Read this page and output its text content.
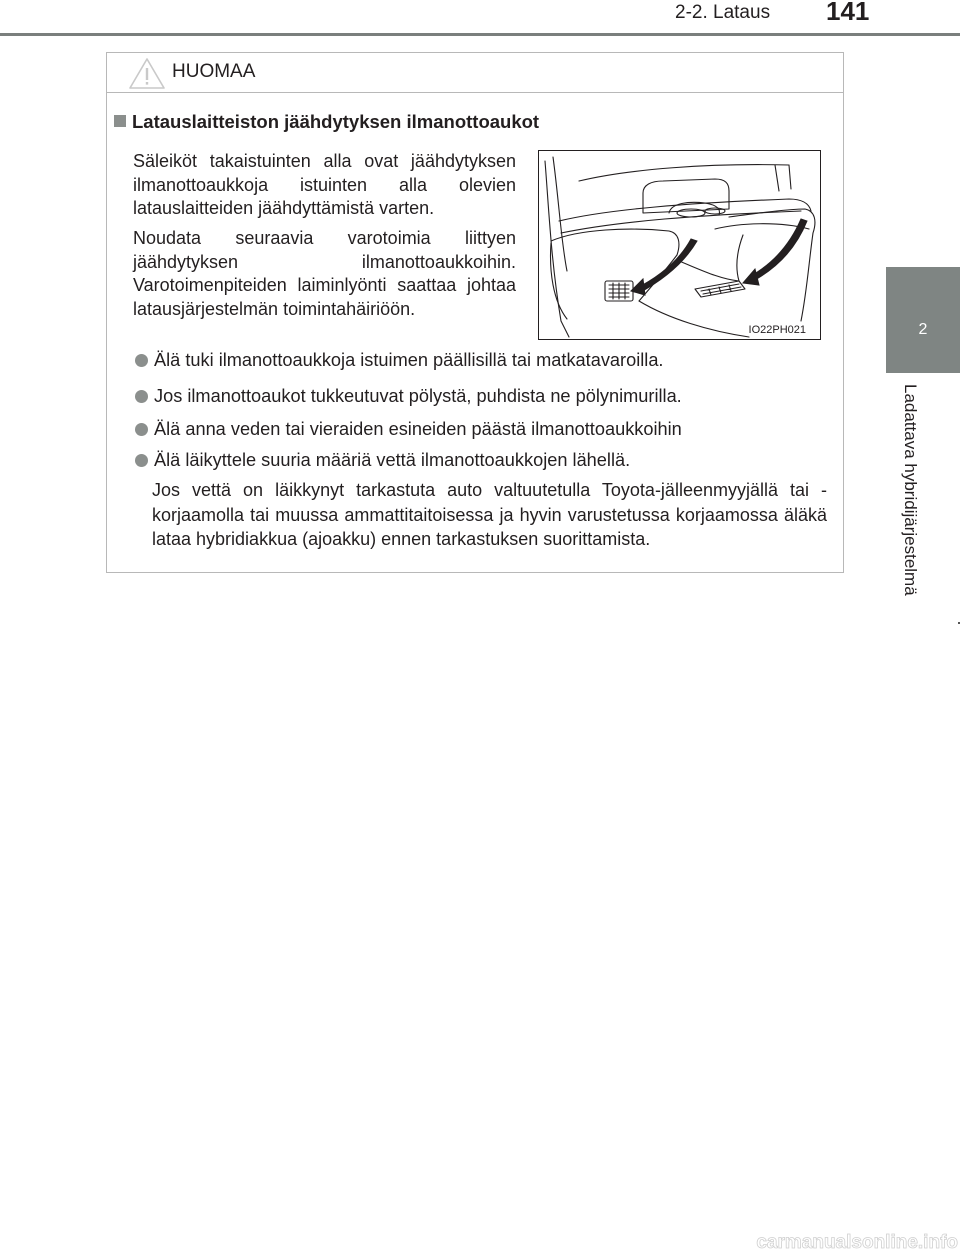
2-2. Lataus	141
2
Ladattava hybridijärjestelmä
HUOMAA
Latauslaitteiston jäähdytyksen ilmanottoaukot

Säleiköt takaistuinten alla ovat jäähdytyksen ilmanottoaukkoja istuinten alla olevien latauslaitteiden jäähdyttämistä varten.

Noudata seuraavia varotoimia liittyen jäähdytyksen ilmanottoaukkoihin. Varotoimenpiteiden laiminlyönti saattaa johtaa latausjärjestelmän toimintahäiriöön.

IO22PH021
Älä tuki ilmanottoaukkoja istuimen päällisillä tai matkatavaroilla.
Jos ilmanottoaukot tukkeutuvat pölystä, puhdista ne pölynimurilla.
Älä anna veden tai vieraiden esineiden päästä ilmanottoaukkoihin
Älä läikyttele suuria määriä vettä ilmanottoaukkojen lähellä.

Jos vettä on läikkynyt tarkastuta auto valtuutetulla Toyota-jälleenmyyjällä tai -korjaamolla tai muussa ammattitaitoisessa ja hyvin varustetussa korjaamossa äläkä lataa hybridiakkua (ajoakku) ennen tarkastuksen suorittamista.

carmanualsonline.info
